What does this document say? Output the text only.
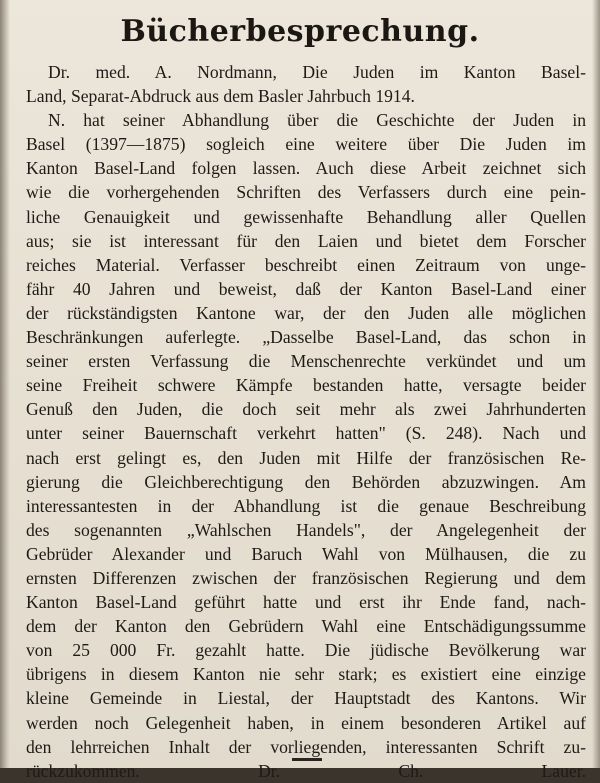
Bücherbesprechung.
Dr. med. A. Nordmann, Die Juden im Kanton Basel-
Land, Separat-Abdruck aus dem Basler Jahrbuch 1914.
N. hat seiner Abhandlung über die Geschichte der Juden in
Basel (1397—1875) sogleich eine weitere über Die Juden im
Kanton Basel-Land folgen lassen. Auch diese Arbeit zeichnet sich
wie die vorhergehenden Schriften des Verfassers durch eine pein-
liche Genauigkeit und gewissenhafte Behandlung aller Quellen
aus; sie ist interessant für den Laien und bietet dem Forscher
reiches Material. Verfasser beschreibt einen Zeitraum von unge-
fähr 40 Jahren und beweist, daß der Kanton Basel-Land einer
der rückständigsten Kantone war, der den Juden alle möglichen
Beschränkungen auferlegte. „Dasselbe Basel-Land, das schon in
seiner ersten Verfassung die Menschenrechte verkündet und um
seine Freiheit schwere Kämpfe bestanden hatte, versagte beider
Genuß den Juden, die doch seit mehr als zwei Jahrhunderten
unter seiner Bauernschaft verkehrt hatten" (S. 248). Nach und
nach erst gelingt es, den Juden mit Hilfe der französischen Re-
gierung die Gleichberechtigung den Behörden abzuzwingen. Am
interessantesten in der Abhandlung ist die genaue Beschreibung
des sogenannten „Wahlschen Handels", der Angelegenheit der
Gebrüder Alexander und Baruch Wahl von Mülhausen, die zu
ernsten Differenzen zwischen der französischen Regierung und dem
Kanton Basel-Land geführt hatte und erst ihr Ende fand, nach-
dem der Kanton den Gebrüdern Wahl eine Entschädigungssumme
von 25 000 Fr. gezahlt hatte. Die jüdische Bevölkerung war
übrigens in diesem Kanton nie sehr stark; es existiert eine einzige
kleine Gemeinde in Liestal, der Hauptstadt des Kantons. Wir
werden noch Gelegenheit haben, in einem besonderen Artikel auf
den lehrreichen Inhalt der vorliegenden, interessanten Schrift zu-
rückzukommen. Dr. Ch. Lauer.
